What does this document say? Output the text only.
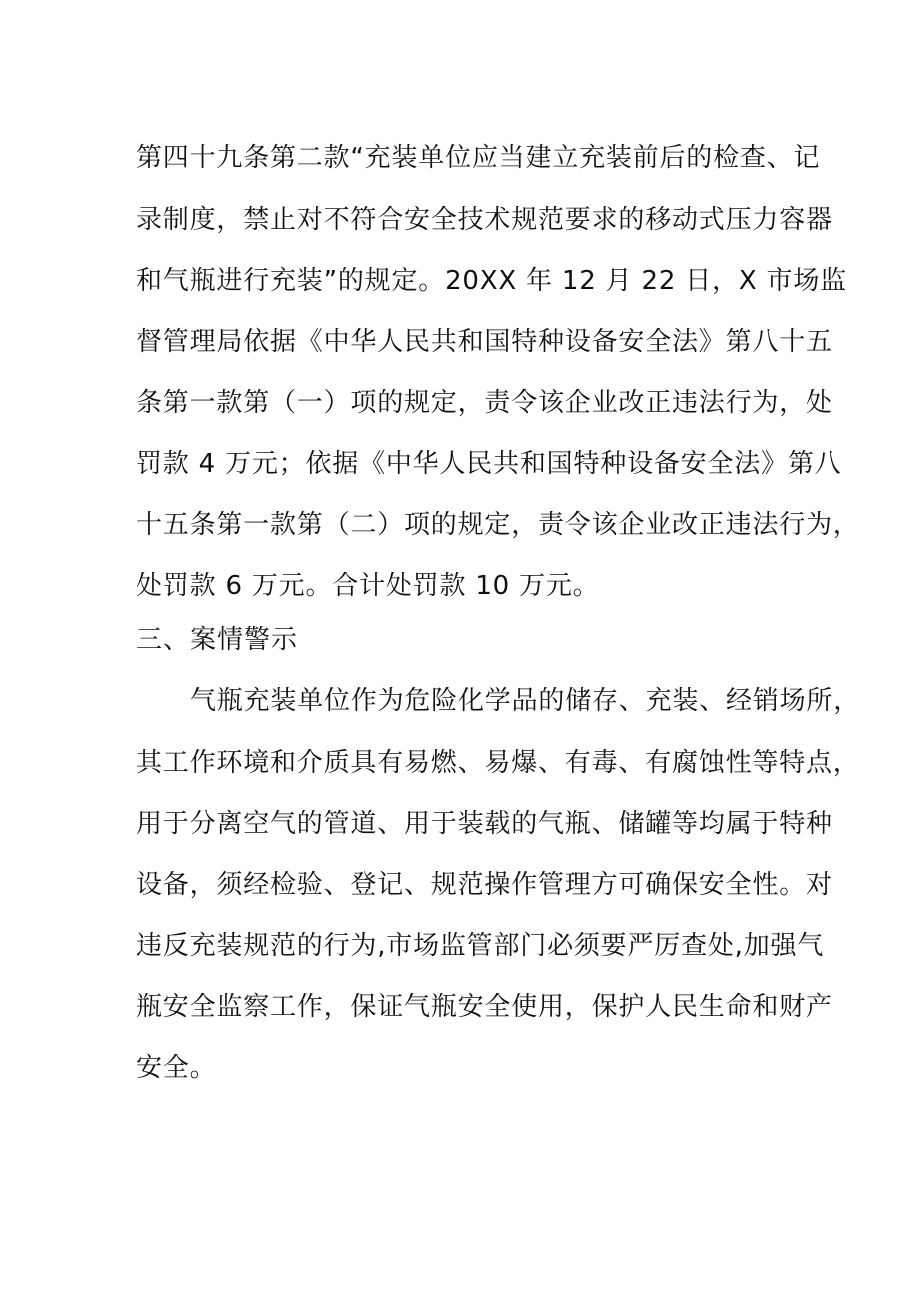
第四十九条第二款“充装单位应当建立充装前后的检查、记
录制度，禁止对不符合安全技术规范要求的移动式压力容器
和气瓶进行充装”的规定。20XX 年 12 月 22 日，X 市场监
督管理局依据《中华人民共和国特种设备安全法》第八十五
条第一款第（一）项的规定，责令该企业改正违法行为，处
罚款 4 万元；依据《中华人民共和国特种设备安全法》第八
十五条第一款第（二）项的规定，责令该企业改正违法行为，
处罚款 6 万元。合计处罚款 10 万元。
三、案情警示
气瓶充装单位作为危险化学品的储存、充装、经销场所，
其工作环境和介质具有易燃、易爆、有毒、有腐蚀性等特点，
用于分离空气的管道、用于装载的气瓶、储罐等均属于特种
设备，须经检验、登记、规范操作管理方可确保安全性。对
违反充装规范的行为,市场监管部门必须要严厉查处,加强气
瓶安全监察工作，保证气瓶安全使用，保护人民生命和财产
安全。
